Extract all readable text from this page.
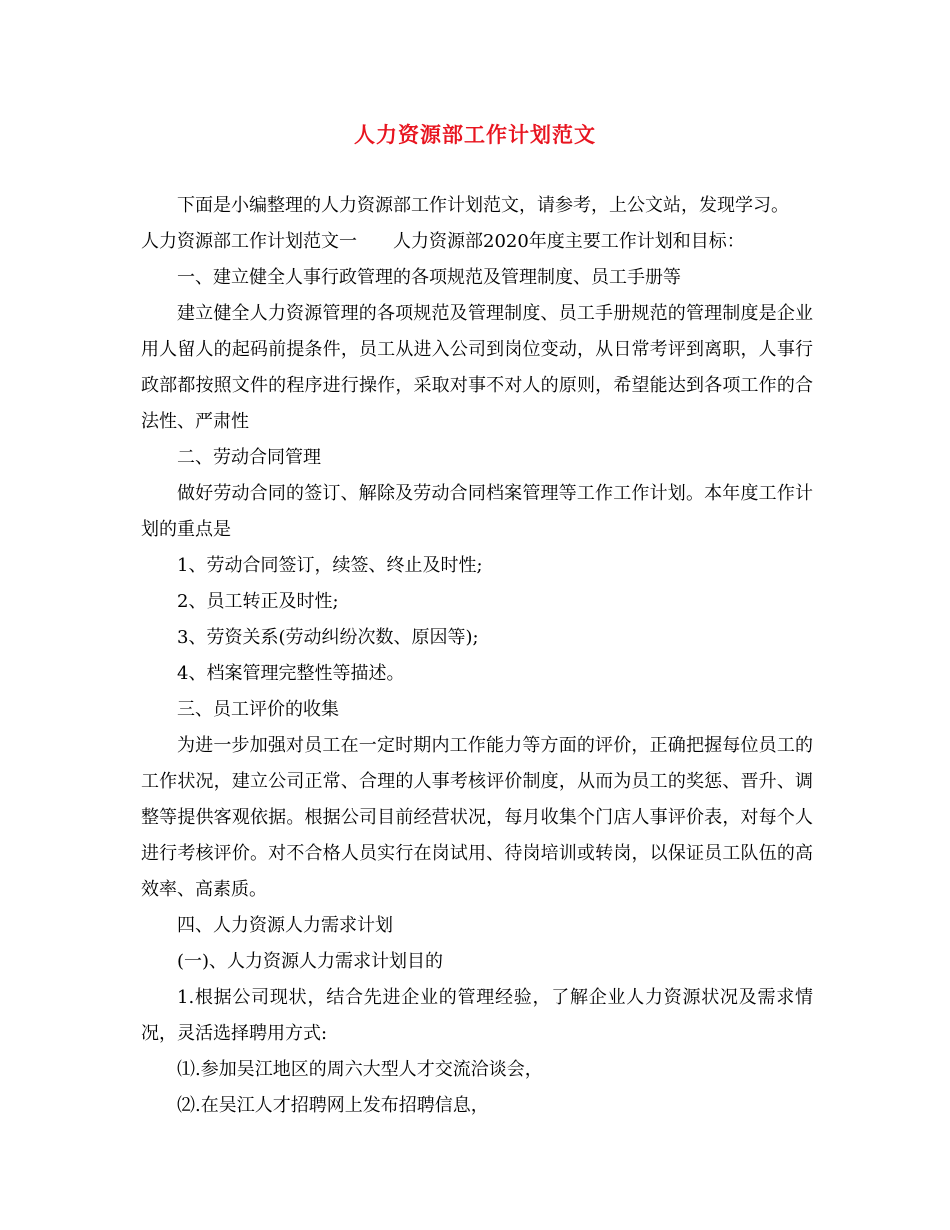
人力资源部工作计划范文

下面是小编整理的人力资源部工作计划范文，请参考，上公文站，发现学习。

人力资源部工作计划范文一　　人力资源部2020年度主要工作计划和目标：

一、建立健全人事行政管理的各项规范及管理制度、员工手册等

建立健全人力资源管理的各项规范及管理制度、员工手册规范的管理制度是企业用人留人的起码前提条件，员工从进入公司到岗位变动，从日常考评到离职，人事行政部都按照文件的程序进行操作，采取对事不对人的原则，希望能达到各项工作的合法性、严肃性

二、劳动合同管理

做好劳动合同的签订、解除及劳动合同档案管理等工作工作计划。本年度工作计划的重点是

1、劳动合同签订，续签、终止及时性;

2、员工转正及时性;

3、劳资关系(劳动纠纷次数、原因等);

4、档案管理完整性等描述。

三、员工评价的收集

为进一步加强对员工在一定时期内工作能力等方面的评价，正确把握每位员工的工作状况，建立公司正常、合理的人事考核评价制度，从而为员工的奖惩、晋升、调整等提供客观依据。根据公司目前经营状况，每月收集个门店人事评价表，对每个人进行考核评价。对不合格人员实行在岗试用、待岗培训或转岗，以保证员工队伍的高效率、高素质。

四、人力资源人力需求计划

(一)、人力资源人力需求计划目的

1.根据公司现状，结合先进企业的管理经验，了解企业人力资源状况及需求情况，灵活选择聘用方式:

⑴.参加吴江地区的周六大型人才交流洽谈会，

⑵.在吴江人才招聘网上发布招聘信息，
